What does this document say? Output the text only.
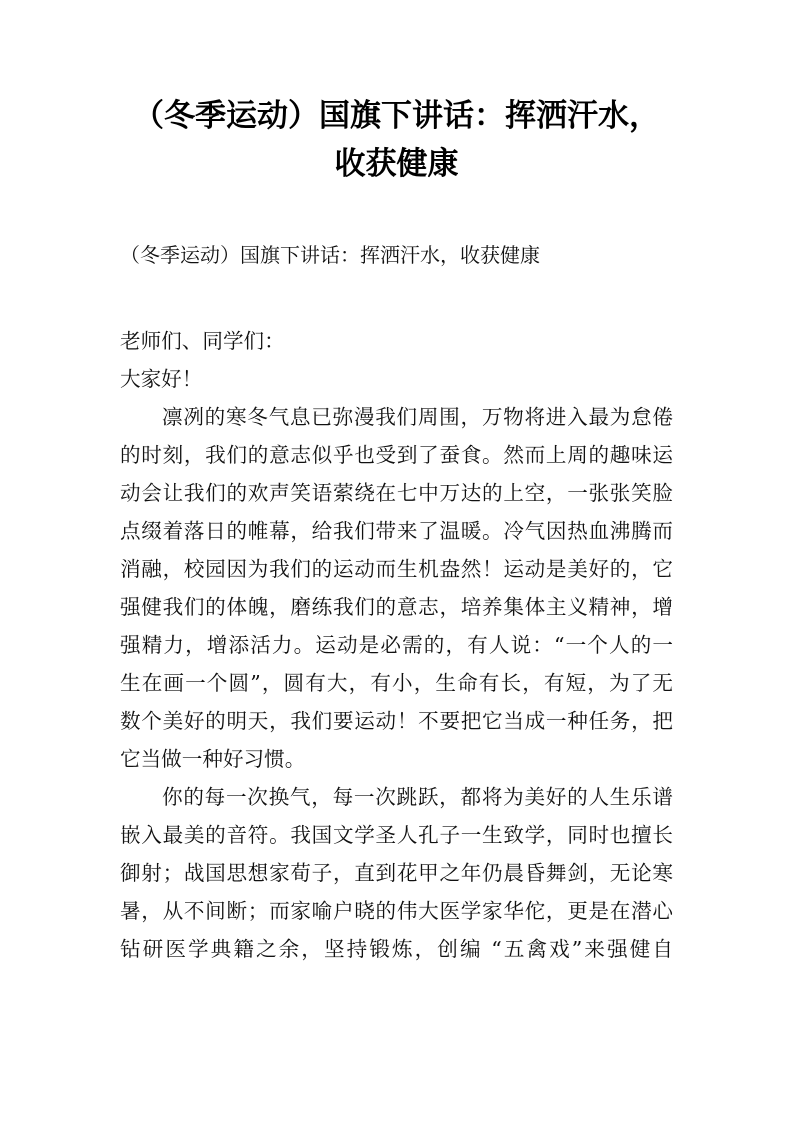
（冬季运动）国旗下讲话：挥洒汗水，
收获健康
（冬季运动）国旗下讲话：挥洒汗水，收获健康

老师们、同学们：

大家好！

凛冽的寒冬气息已弥漫我们周围，万物将进入最为怠倦
的时刻，我们的意志似乎也受到了蚕食。然而上周的趣味运
动会让我们的欢声笑语萦绕在七中万达的上空，一张张笑脸
点缀着落日的帷幕，给我们带来了温暖。冷气因热血沸腾而
消融，校园因为我们的运动而生机盎然！运动是美好的，它
强健我们的体魄，磨练我们的意志，培养集体主义精神，增
强精力，增添活力。运动是必需的，有人说：“一个人的一
生在画一个圆”，圆有大，有小，生命有长，有短，为了无
数个美好的明天，我们要运动！不要把它当成一种任务，把
它当做一种好习惯。
你的每一次换气，每一次跳跃，都将为美好的人生乐谱
嵌入最美的音符。我国文学圣人孔子一生致学，同时也擅长
御射；战国思想家荀子，直到花甲之年仍晨昏舞剑，无论寒
暑，从不间断；而家喻户晓的伟大医学家华佗，更是在潜心
钻研医学典籍之余，坚持锻炼，创编 “五禽戏”来强健自
